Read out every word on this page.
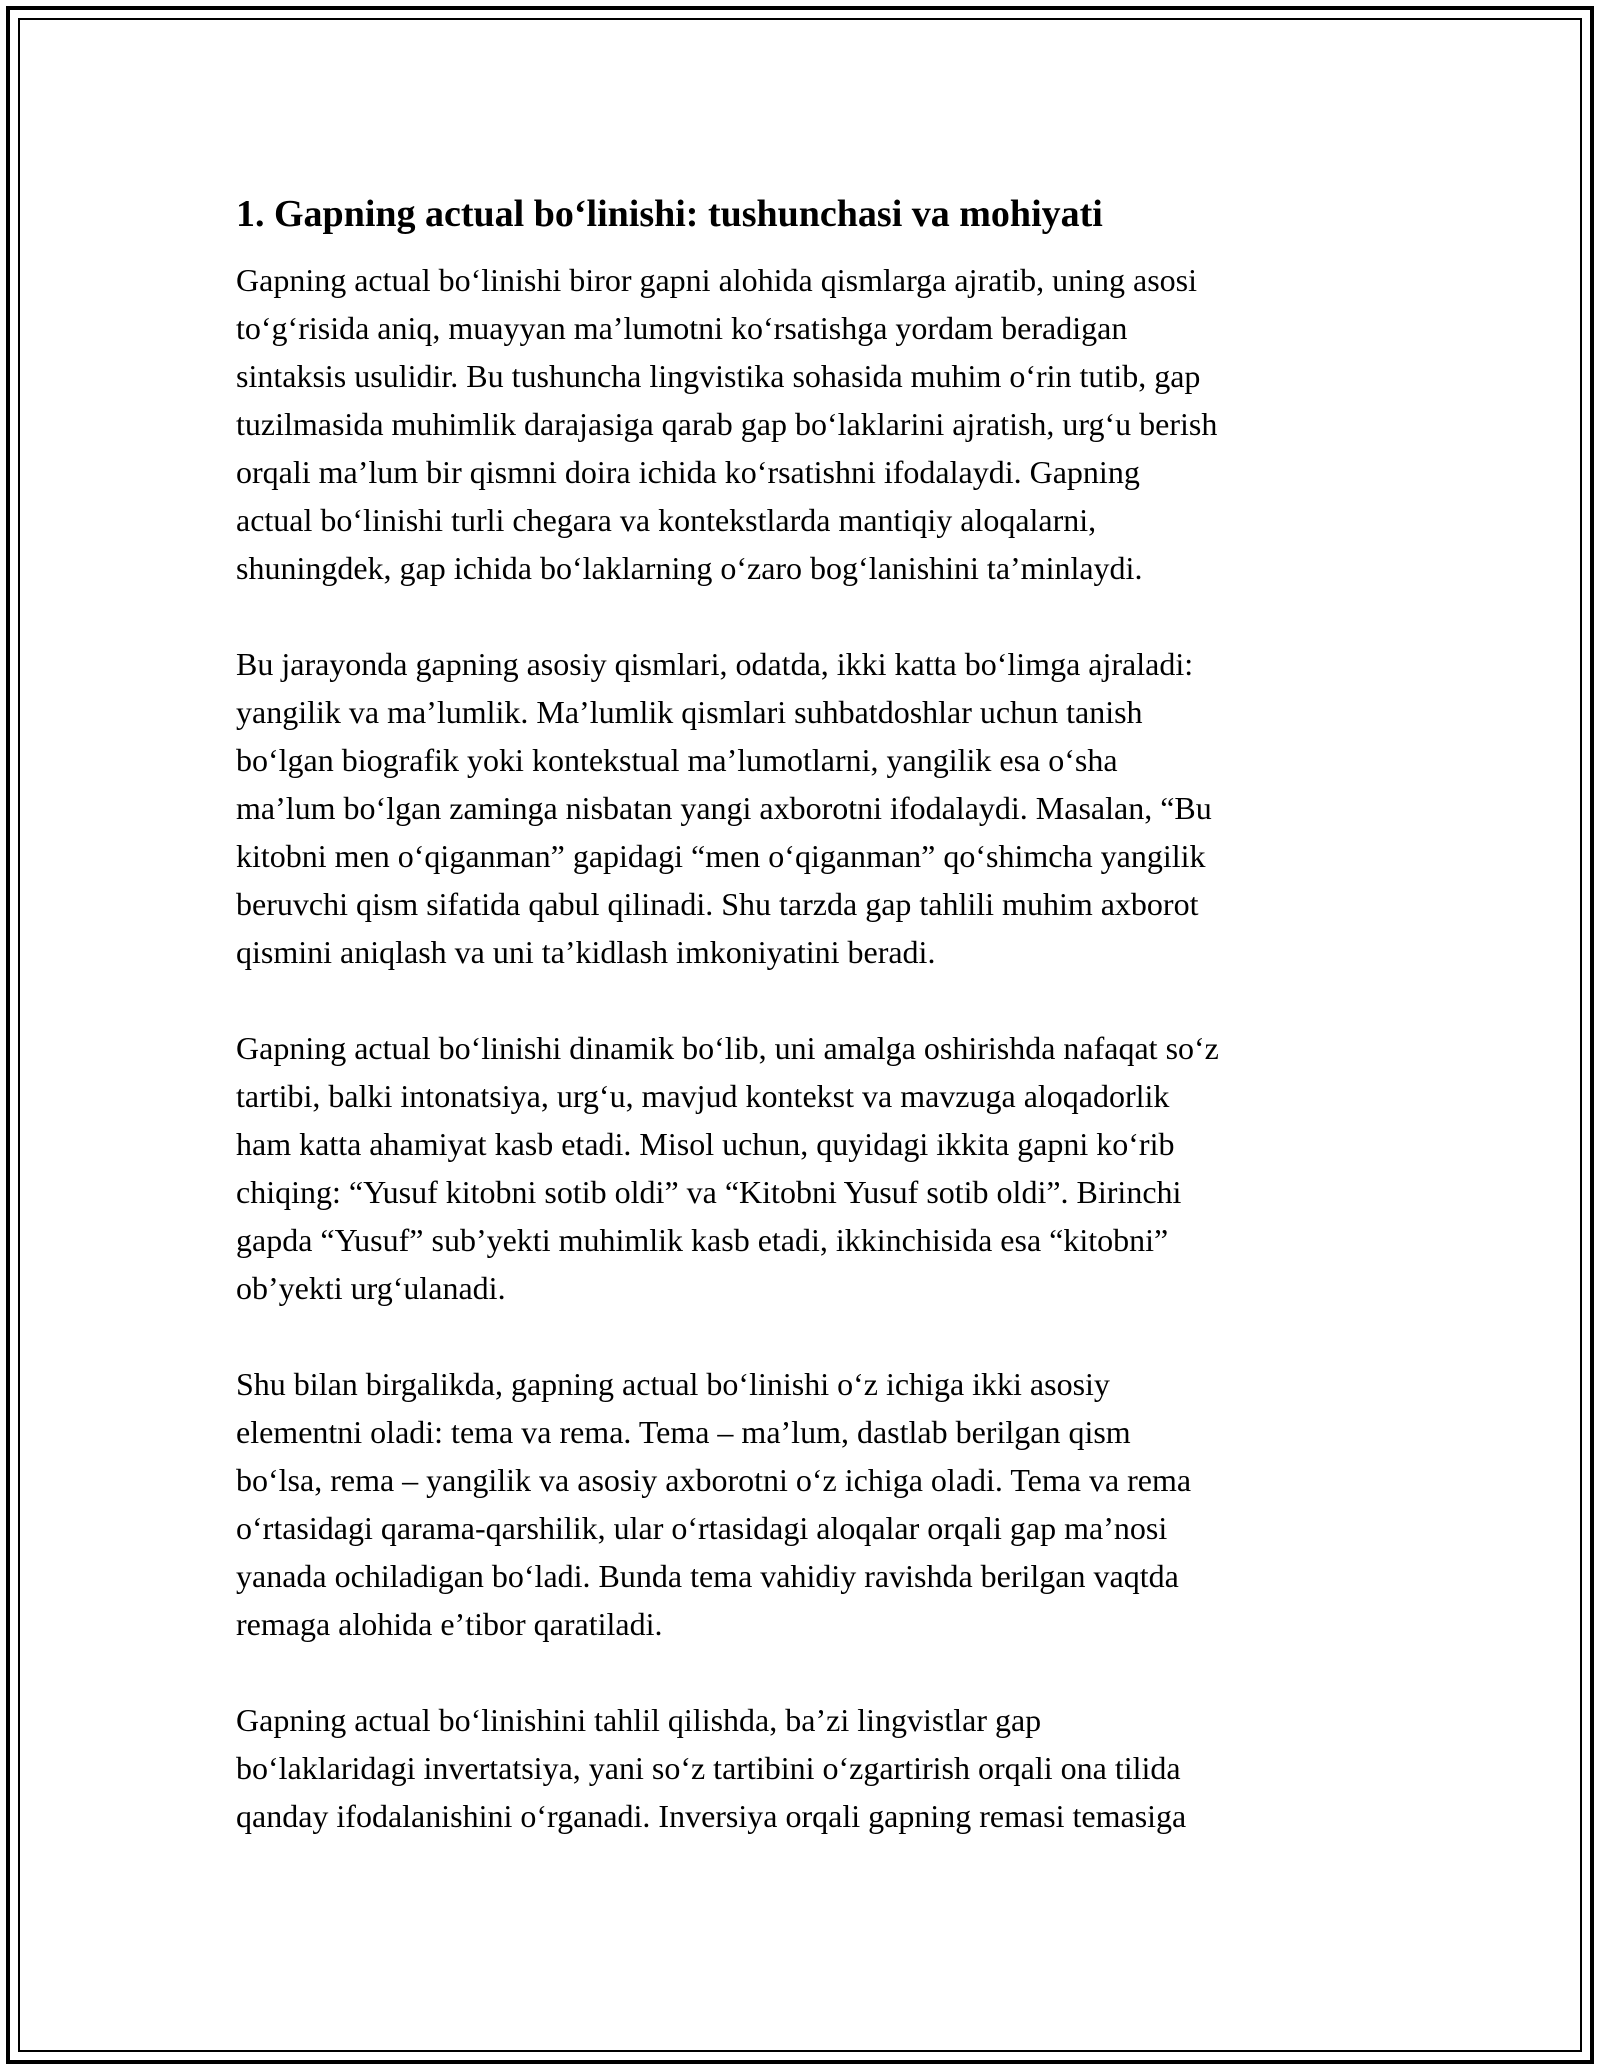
1. Gapning actual boʻlinishi: tushunchasi va mohiyati

Gapning actual boʻlinishi biror gapni alohida qismlarga ajratib, uning asosi
toʻgʻrisida aniq, muayyan maʼlumotni koʻrsatishga yordam beradigan
sintaksis usulidir. Bu tushuncha lingvistika sohasida muhim oʻrin tutib, gap
tuzilmasida muhimlik darajasiga qarab gap boʻlaklarini ajratish, urgʻu berish
orqali maʼlum bir qismni doira ichida koʻrsatishni ifodalaydi. Gapning
actual boʻlinishi turli chegara va kontekstlarda mantiqiy aloqalarni,
shuningdek, gap ichida boʻlaklarning oʻzaro bogʻlanishini taʼminlaydi.

Bu jarayonda gapning asosiy qismlari, odatda, ikki katta boʻlimga ajraladi:
yangilik va maʼlumlik. Maʼlumlik qismlari suhbatdoshlar uchun tanish
boʻlgan biografik yoki kontekstual maʼlumotlarni, yangilik esa oʻsha
maʼlum boʻlgan zaminga nisbatan yangi axborotni ifodalaydi. Masalan, “Bu
kitobni men oʻqiganman” gapidagi “men oʻqiganman” qoʻshimcha yangilik
beruvchi qism sifatida qabul qilinadi. Shu tarzda gap tahlili muhim axborot
qismini aniqlash va uni taʼkidlash imkoniyatini beradi.

Gapning actual boʻlinishi dinamik boʻlib, uni amalga oshirishda nafaqat soʻz
tartibi, balki intonatsiya, urgʻu, mavjud kontekst va mavzuga aloqadorlik
ham katta ahamiyat kasb etadi. Misol uchun, quyidagi ikkita gapni koʻrib
chiqing: “Yusuf kitobni sotib oldi” va “Kitobni Yusuf sotib oldi”. Birinchi
gapda “Yusuf” subʼyekti muhimlik kasb etadi, ikkinchisida esa “kitobni”
obʼyekti urgʻulanadi.

Shu bilan birgalikda, gapning actual boʻlinishi oʻz ichiga ikki asosiy
elementni oladi: tema va rema. Tema – maʼlum, dastlab berilgan qism
boʻlsa, rema – yangilik va asosiy axborotni oʻz ichiga oladi. Tema va rema
oʻrtasidagi qarama-qarshilik, ular oʻrtasidagi aloqalar orqali gap maʼnosi
yanada ochiladigan boʻladi. Bunda tema vahidiy ravishda berilgan vaqtda
remaga alohida eʼtibor qaratiladi.

Gapning actual boʻlinishini tahlil qilishda, baʼzi lingvistlar gap
boʻlaklaridagi invertatsiya, yani soʻz tartibini oʻzgartirish orqali ona tilida
qanday ifodalanishini oʻrganadi. Inversiya orqali gapning remasi temasiga
